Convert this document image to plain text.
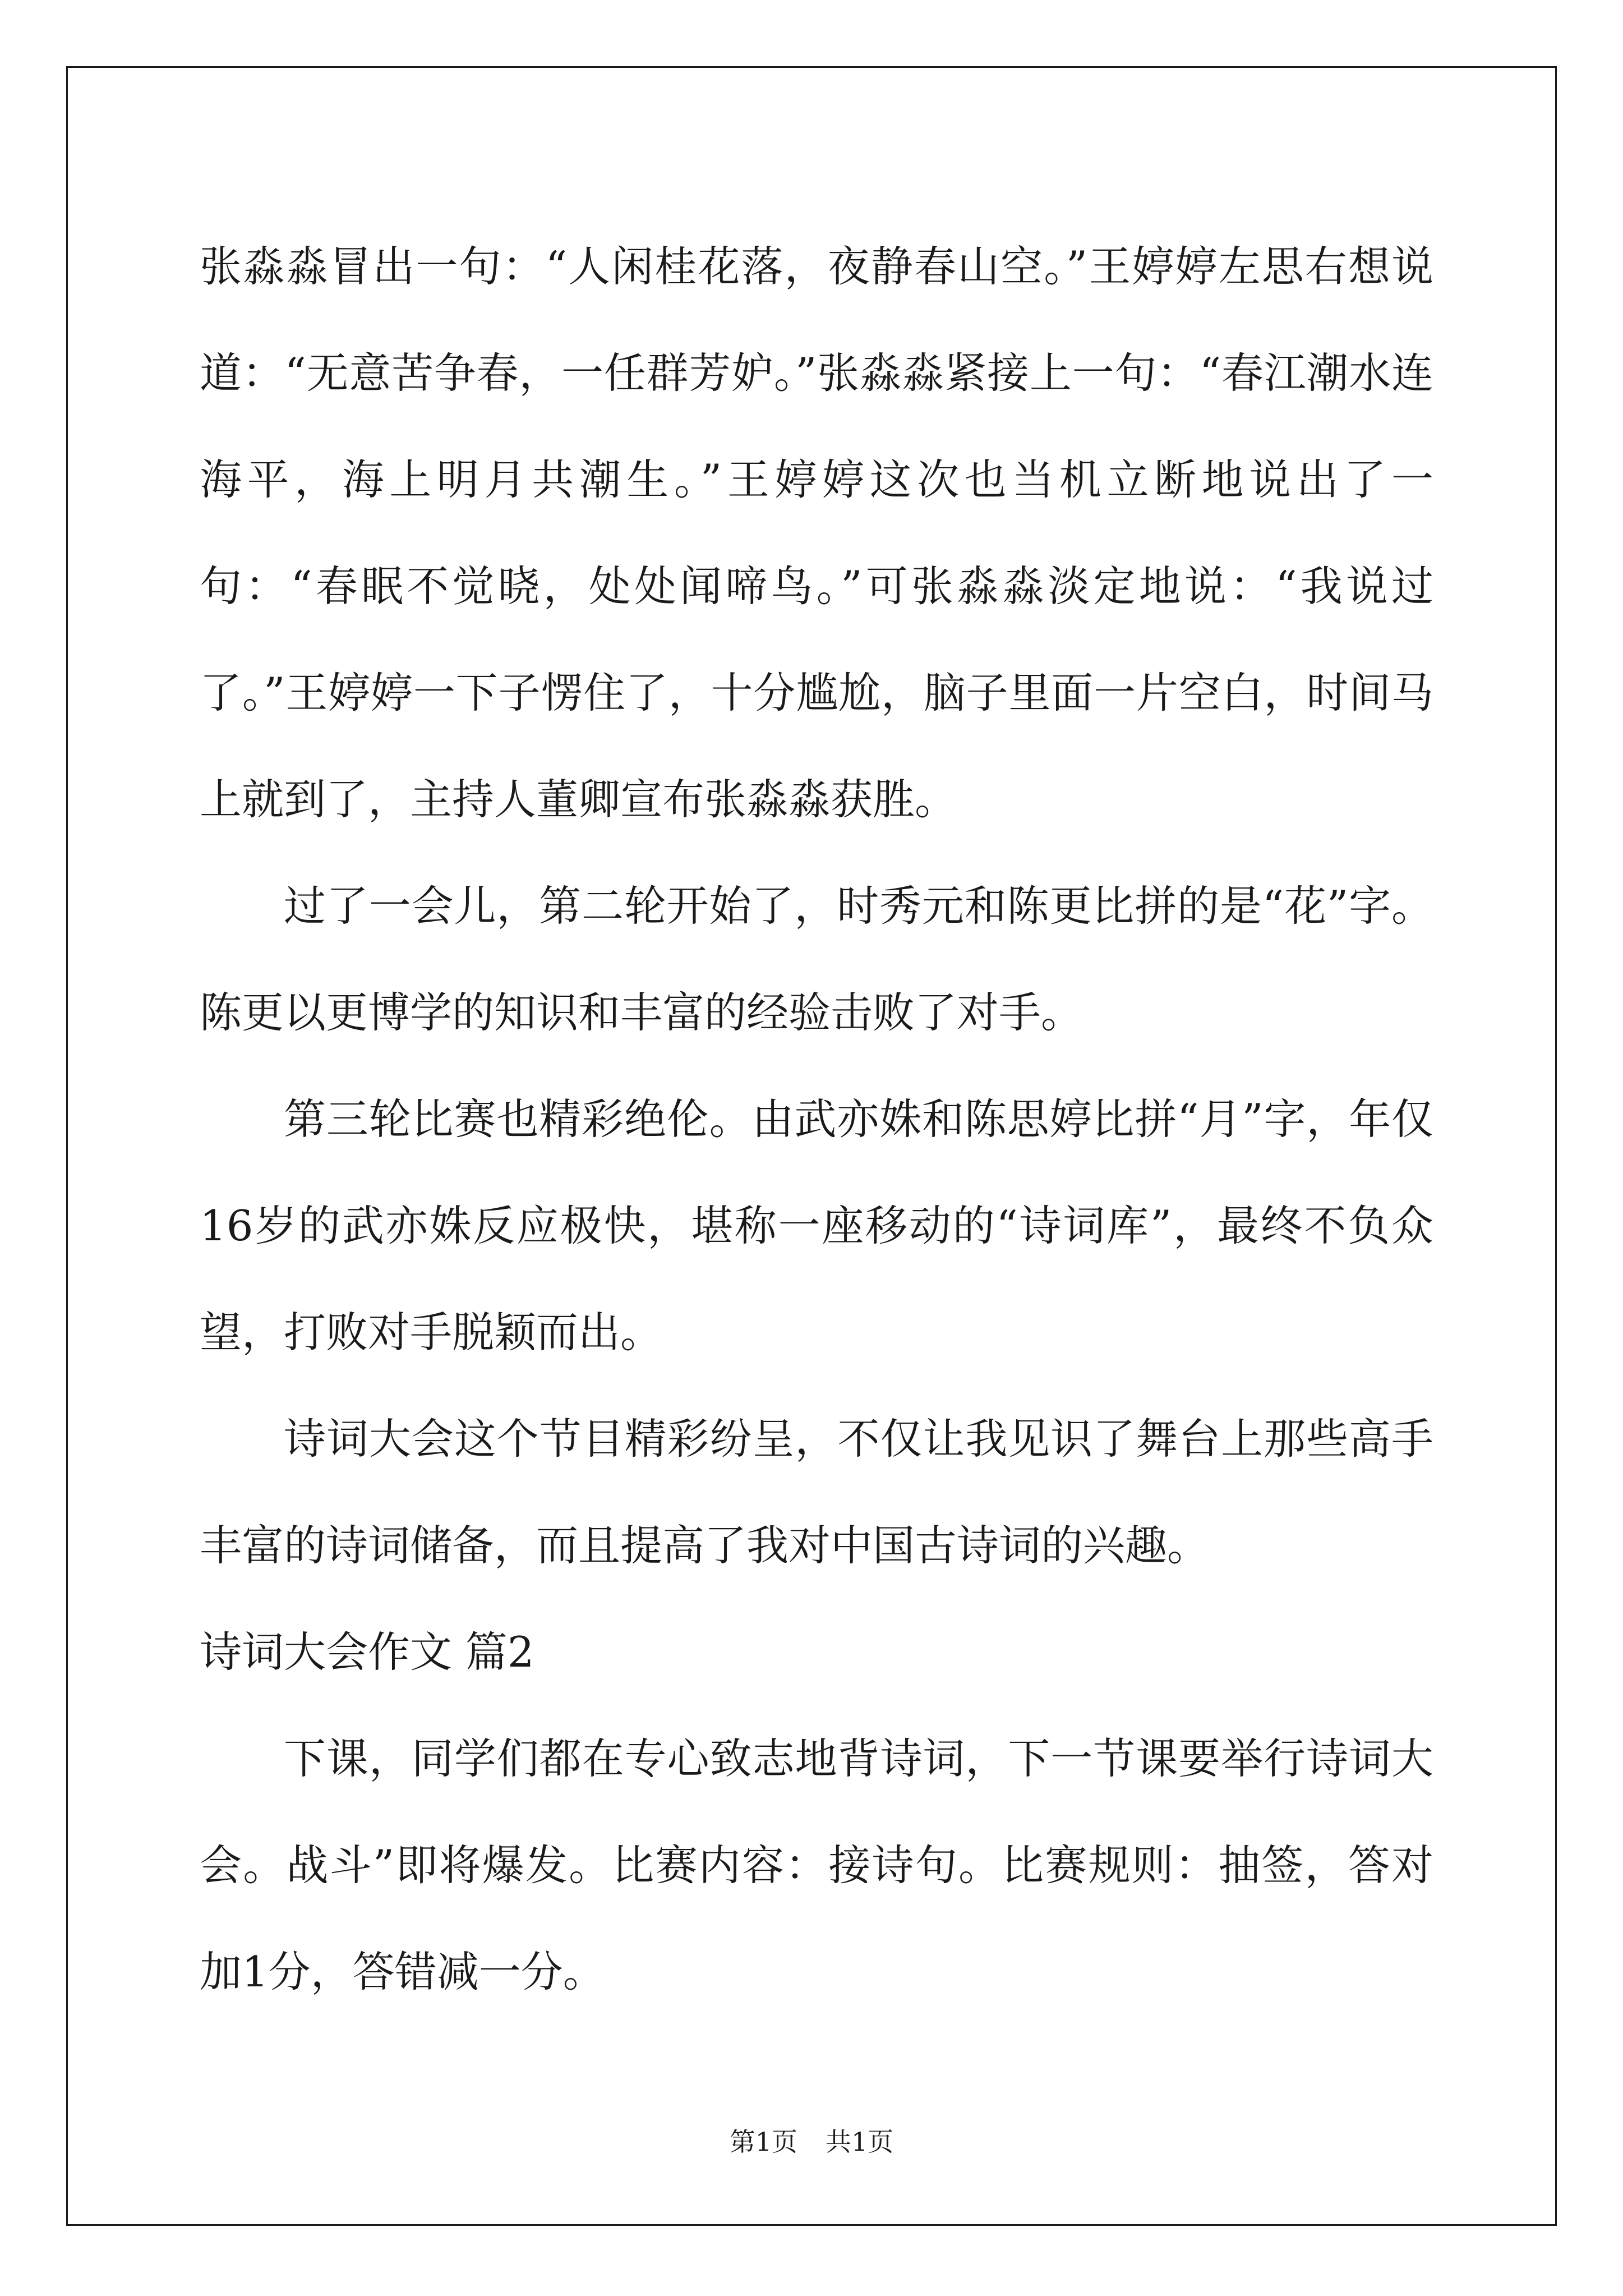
张淼淼冒出一句：“人闲桂花落，夜静春山空。”王婷婷左思右想说道：“无意苦争春，一任群芳妒。”张淼淼紧接上一句：“春江潮水连海平，海上明月共潮生。”王婷婷这次也当机立断地说出了一句：“春眠不觉晓，处处闻啼鸟。”可张淼淼淡定地说：“我说过了。”王婷婷一下子愣住了，十分尴尬，脑子里面一片空白，时间马上就到了，主持人董卿宣布张淼淼获胜。

过了一会儿，第二轮开始了，时秀元和陈更比拼的是“花”字。陈更以更博学的知识和丰富的经验击败了对手。

第三轮比赛也精彩绝伦。由武亦姝和陈思婷比拼“月”字，年仅16岁的武亦姝反应极快，堪称一座移动的“诗词库”，最终不负众望，打败对手脱颖而出。

诗词大会这个节目精彩纷呈，不仅让我见识了舞台上那些高手丰富的诗词储备，而且提高了我对中国古诗词的兴趣。

诗词大会作文 篇2

下课，同学们都在专心致志地背诗词，下一节课要举行诗词大会。战斗”即将爆发。比赛内容：接诗句。比赛规则：抽签，答对加1分，答错减一分。

第1页 共1页
